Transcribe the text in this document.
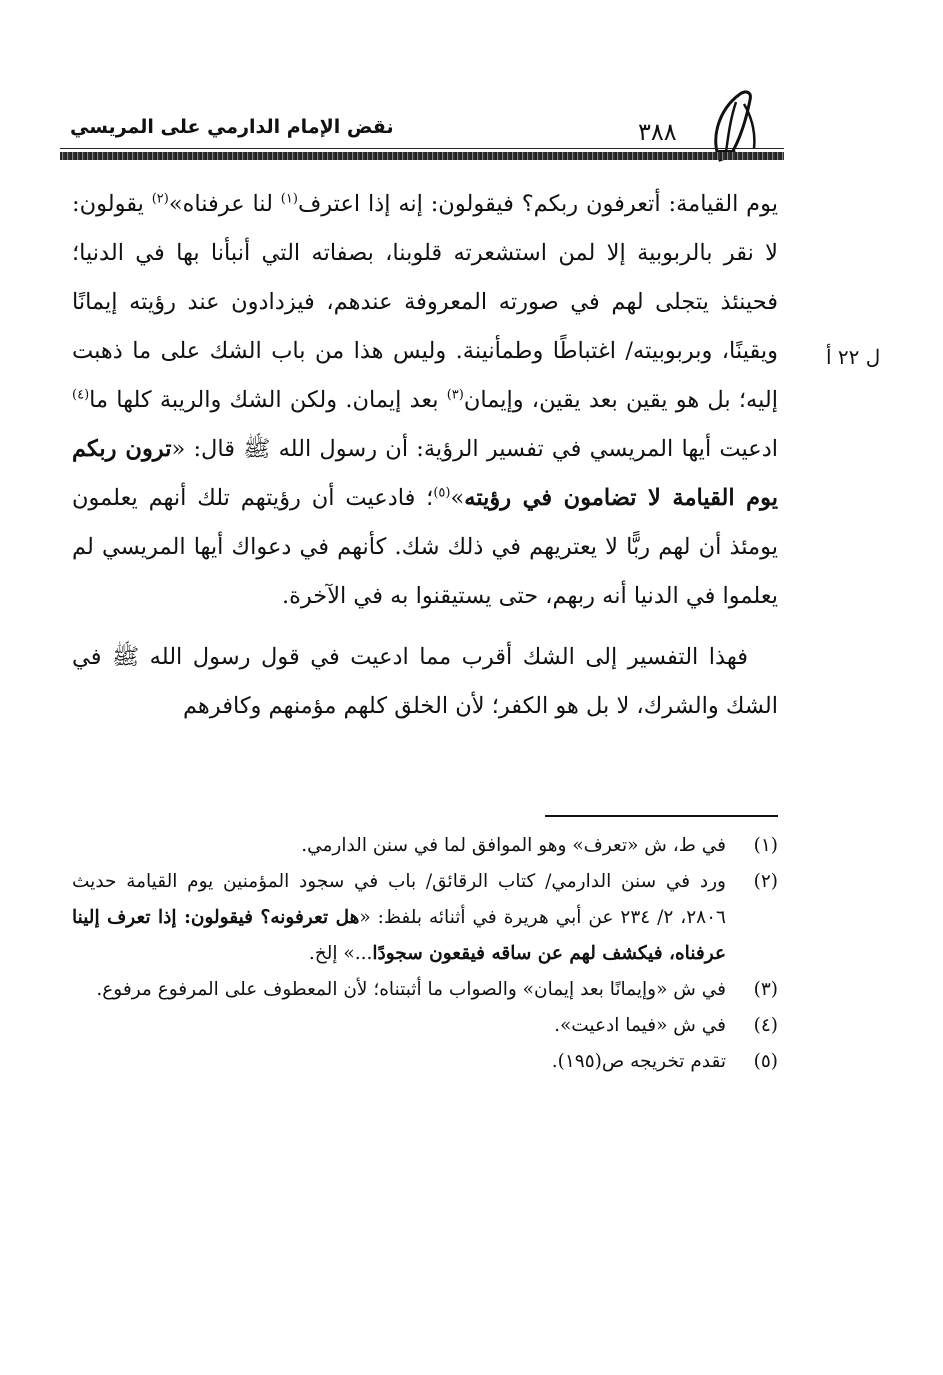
نقض الإمام الدارمي على المريسي	٣٨٨
ل ٢٢ أ

يوم القيامة: أتعرفون ربكم؟ فيقولون: إنه إذا اعترف$^{(١)}$ لنا عرفناه»$^{(٢)}$ يقولون: لا نقر بالربوبية إلا لمن استشعرته قلوبنا، بصفاته التي أنبأنا بها في الدنيا؛ فحينئذ يتجلى لهم في صورته المعروفة عندهم، فيزدادون عند رؤيته إيمانًا ويقينًا، وبربوبيته/ اغتباطًا وطمأنينة. وليس هذا من باب الشك على ما ذهبت إليه؛ بل هو يقين بعد يقين، وإيمان$^{(٣)}$ بعد إيمان. ولكن الشك والريبة كلها ما$^{(٤)}$ ادعيت أيها المريسي في تفسير الرؤية: أن رسول الله ﷺ قال: «ترون ربكم يوم القيامة لا تضامون في رؤيته»$^{(٥)}$؛ فادعيت أن رؤيتهم تلك أنهم يعلمون يومئذ أن لهم ربًّا لا يعتريهم في ذلك شك. كأنهم في دعواك أيها المريسي لم يعلموا في الدنيا أنه ربهم، حتى يستيقنوا به في الآخرة.

فهذا التفسير إلى الشك أقرب مما ادعيت في قول رسول الله ﷺ في الشك والشرك، لا بل هو الكفر؛ لأن الخلق كلهم مؤمنهم وكافرهم

(١)
في ط، ش «تعرف» وهو الموافق لما في سنن الدارمي.
(٢)
ورد في سنن الدارمي/ كتاب الرقائق/ باب في سجود المؤمنين يوم القيامة حديث ٢٨٠٦، ٢/ ٢٣٤ عن أبي هريرة في أثنائه بلفظ: «هل تعرفونه؟ فيقولون: إذا تعرف إلينا عرفناه، فيكشف لهم عن ساقه فيقعون سجودًا...» إلخ.
(٣)
في ش «وإيمانًا بعد إيمان» والصواب ما أثبتناه؛ لأن المعطوف على المرفوع مرفوع.
(٤)
في ش «فيما ادعيت».
(٥)
تقدم تخريجه ص(١٩٥).
